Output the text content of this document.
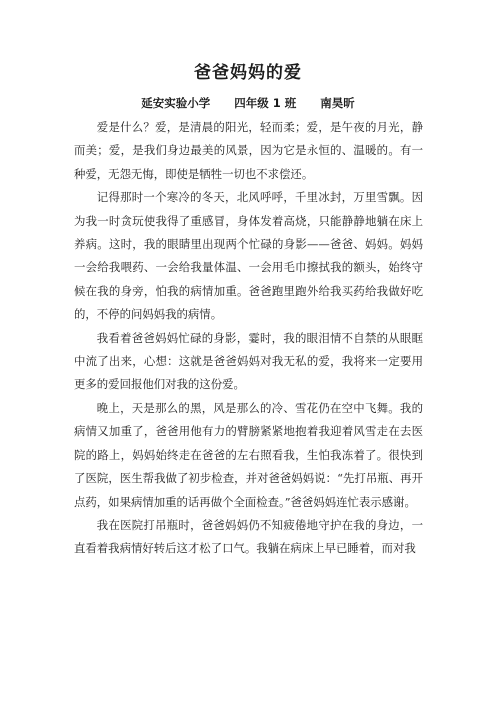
爸爸妈妈的爱
延安实验小学      四年级 1 班      南昊昕

爱是什么？爱，是清晨的阳光，轻而柔；爱，是午夜的月光，静而美；爱，是我们身边最美的风景，因为它是永恒的、温暖的。有一种爱，无怨无悔，即使是牺牲一切也不求偿还。

记得那时一个寒冷的冬天，北风呼呼，千里冰封，万里雪飘。因为我一时贪玩使我得了重感冒，身体发着高烧，只能静静地躺在床上养病。这时，我的眼睛里出现两个忙碌的身影——爸爸、妈妈。妈妈一会给我喂药、一会给我量体温、一会用毛巾擦拭我的额头，始终守候在我的身旁，怕我的病情加重。爸爸跑里跑外给我买药给我做好吃的，不停的问妈妈我的病情。

我看着爸爸妈妈忙碌的身影，霎时，我的眼泪情不自禁的从眼眶中流了出来，心想：这就是爸爸妈妈对我无私的爱，我将来一定要用更多的爱回报他们对我的这份爱。

晚上，天是那么的黑，风是那么的冷、雪花仍在空中飞舞。我的病情又加重了，爸爸用他有力的臂膀紧紧地抱着我迎着风雪走在去医院的路上，妈妈始终走在爸爸的左右照看我，生怕我冻着了。很快到了医院，医生帮我做了初步检查，并对爸爸妈妈说：“先打吊瓶、再开点药，如果病情加重的话再做个全面检查。”爸爸妈妈连忙表示感谢。

我在医院打吊瓶时，爸爸妈妈仍不知疲倦地守护在我的身边，一直看着我病情好转后这才松了口气。我躺在病床上早已睡着，而对我
